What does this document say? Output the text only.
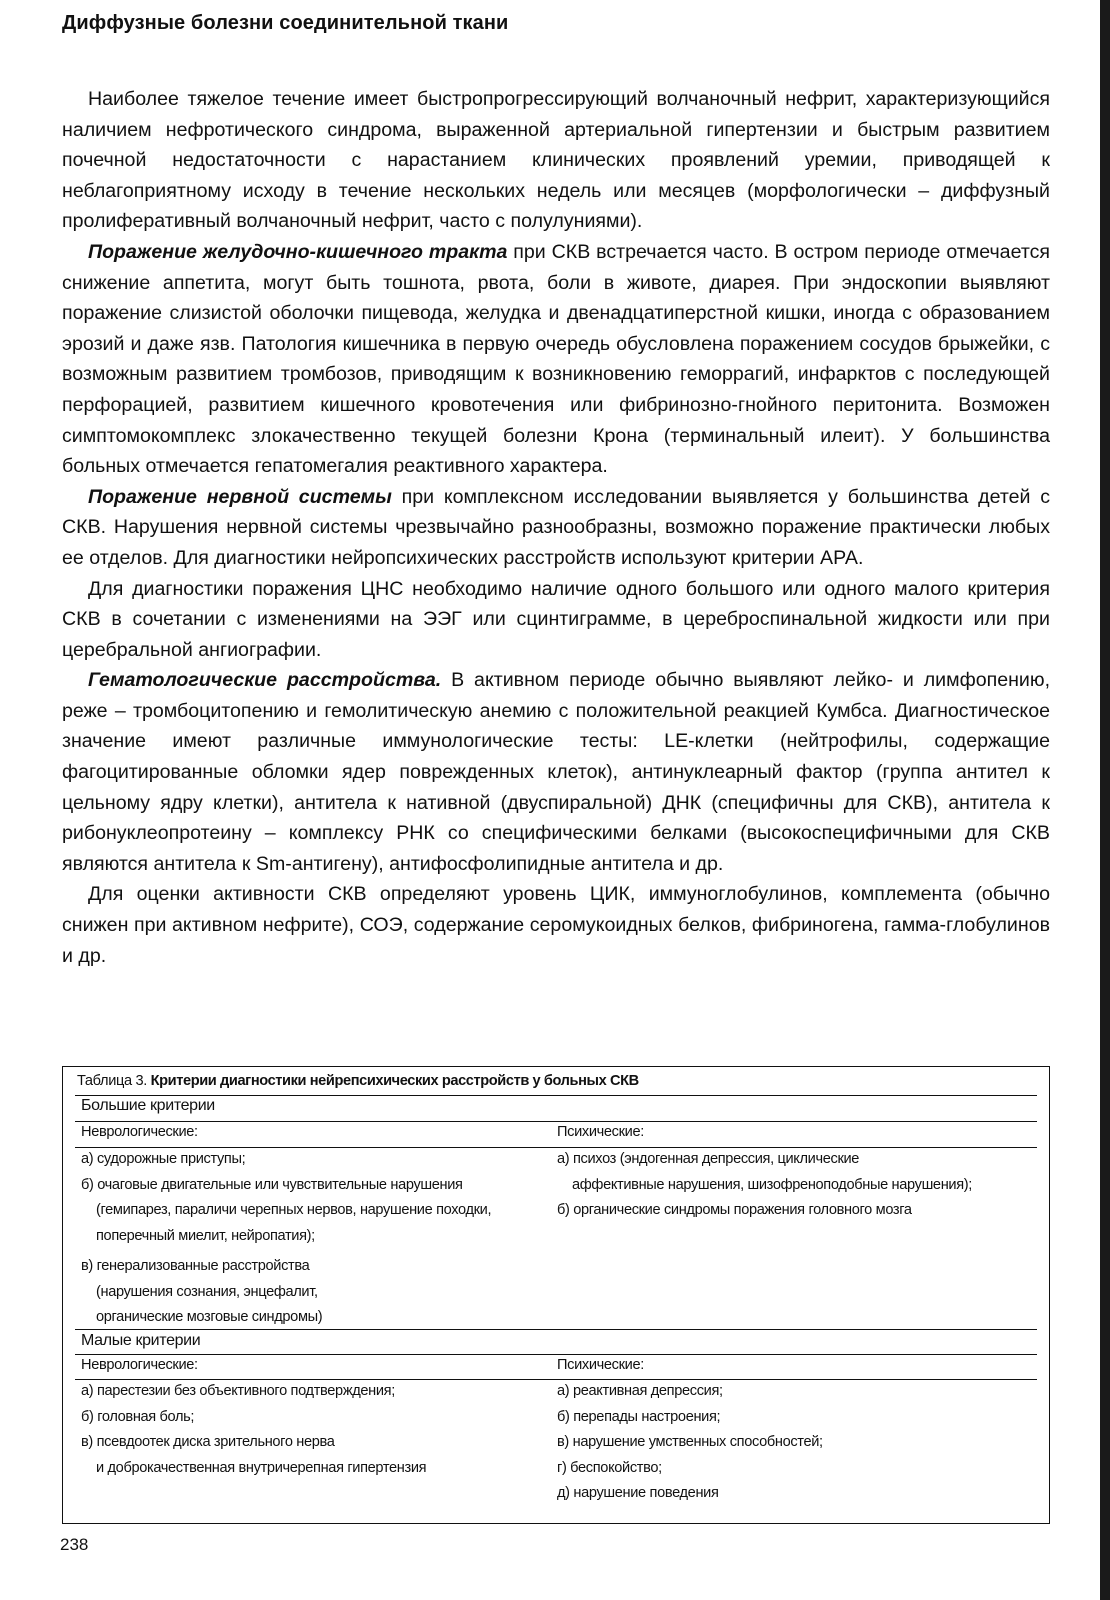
Диффузные болезни соединительной ткани

Наиболее тяжелое течение имеет быстропрогрессирующий волчаночный нефрит, характеризующийся наличием нефротического синдрома, выраженной артериальной гипертензии и быстрым развитием почечной недостаточности с нарастанием клинических проявлений уремии, приводящей к неблагоприятному исходу в течение нескольких недель или месяцев (морфологически – диффузный пролиферативный волчаночный нефрит, часто с полулуниями).

Поражение желудочно-кишечного тракта при СКВ встречается часто. В остром периоде отмечается снижение аппетита, могут быть тошнота, рвота, боли в животе, диарея. При эндоскопии выявляют поражение слизистой оболочки пищевода, желудка и двенадцатиперстной кишки, иногда с образованием эрозий и даже язв. Патология кишечника в первую очередь обусловлена поражением сосудов брыжейки, с возможным развитием тромбозов, приводящим к возникновению геморрагий, инфарктов с последующей перфорацией, развитием кишечного кровотечения или фибринозно-гнойного перитонита. Возможен симптомокомплекс злокачественно текущей болезни Крона (терминальный илеит). У большинства больных отмечается гепатомегалия реактивного характера.

Поражение нервной системы при комплексном исследовании выявляется у большинства детей с СКВ. Нарушения нервной системы чрезвычайно разнообразны, возможно поражение практически любых ее отделов. Для диагностики нейропсихических расстройств используют критерии АРА.

Для диагностики поражения ЦНС необходимо наличие одного большого или одного малого критерия СКВ в сочетании с изменениями на ЭЭГ или сцинтиграмме, в цереброспинальной жидкости или при церебральной ангиографии.

Гематологические расстройства. В активном периоде обычно выявляют лейко- и лимфопению, реже – тромбоцитопению и гемолитическую анемию с положительной реакцией Кумбса. Диагностическое значение имеют различные иммунологические тесты: LE-клетки (нейтрофилы, содержащие фагоцитированные обломки ядер поврежденных клеток), антинуклеарный фактор (группа антител к цельному ядру клетки), антитела к нативной (двуспиральной) ДНК (специфичны для СКВ), антитела к рибонуклеопротеину – комплексу РНК со специфическими белками (высокоспецифичными для СКВ являются антитела к Sm-антигену), антифосфолипидные антитела и др.

Для оценки активности СКВ определяют уровень ЦИК, иммуноглобулинов, комплемента (обычно снижен при активном нефрите), СОЭ, содержание серомукоидных белков, фибриногена, гамма-глобулинов и др.

Таблица 3. Критерии диагностики нейрепсихических расстройств у больных СКВ
Большие критерии
Неврологические:	Психические:
а) судорожные приступы;
б) очаговые двигательные или чувствительные нарушения
(гемипарез, параличи черепных нервов, нарушение походки,
поперечный миелит, нейропатия);
в) генерализованные расстройства
(нарушения сознания, энцефалит,
органические мозговые синдромы)
а) психоз (эндогенная депрессия, циклические
аффективные нарушения, шизофреноподобные нарушения);
б) органические синдромы поражения головного мозга
Малые критерии
Неврологические:	Психические:
а) парестезии без объективного подтверждения;
б) головная боль;
в) псевдоотек диска зрительного нерва
и доброкачественная внутричерепная гипертензия
а) реактивная депрессия;
б) перепады настроения;
в) нарушение умственных способностей;
г) беспокойство;
д) нарушение поведения
238
